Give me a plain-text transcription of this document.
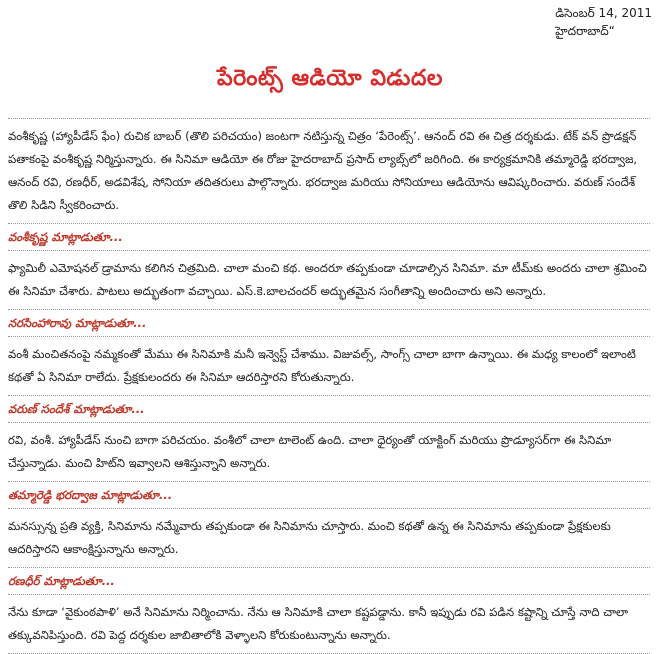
డిసెంబర్ 14, 2011
హైదరాబాద్“
పేరెంట్స్ ఆడియో విడుదల
వంశీకృష్ణ (హ్యాపీడేస్ ఫేం) రుచిక బాబర్ (తొలి పరిచయం) జంటగా నటిస్తున్న చిత్రం ‘పేరెంట్స్’. ఆనంద్ రవి ఈ చిత్ర దర్శకుడు. టేక్ వన్ ప్రొడక్షన్ పతాకంపై వంశీకృష్ణ నిర్మిస్తున్నారు. ఈ సినిమా ఆడియో ఈ రోజు హైదరాబాద్ ప్రసాద్ ల్యాబ్స్‌లో జరిగింది. ఈ కార్యక్రమానికి తమ్మారెడ్డి భరద్వాజ, ఆనంద్ రవి, రణధీర్, అడవిశేష, సోనియా తదితరులు పాల్గొన్నారు. భరద్వాజ మరియు సోనియాలు ఆడియోను ఆవిష్కరించారు. వరుణ్ సందేశ్ తొలి సిడిని స్వీకరించారు.
వంశీకృష్ణ మాట్లాడుతూ...
ఫ్యామిలీ ఎమోషనల్ డ్రామాను కలిగిన చిత్రమిది. చాలా మంచి కథ. అందరూ తప్పకుండా చూడాల్సిన సినిమా. మా టీమ్‌కు అందరు చాలా శ్రమించి ఈ సినిమా చేశారు. పాటలు అద్భుతంగా వచ్చాయి. ఎస్.కె.బాలచందర్ అద్భుతమైన సంగీతాన్ని అందించారు అని అన్నారు.
నరసింహారావు మాట్లాడుతూ...
వంశీ మంచితనంపై నమ్మకంతో మేము ఈ సినిమాకి మనీ ఇన్వెస్ట్ చేశాము. విజువల్స్, సాంగ్స్ చాలా బాగా ఉన్నాయి. ఈ మధ్య కాలంలో ఇలాంటి కథతో ఏ సినిమా రాలేదు. ప్రేక్షకులందరు ఈ సినిమా ఆదరిస్తారని కోరుతున్నారు.
వరుణ్ సందేశ్ మాట్లాడుతూ...
రవి, వంశీ. హ్యాపీడేస్ నుంచి బాగా పరిచయం. వంశీలో చాలా టాలెంట్ ఉంది. చాలా ధైర్యంతో యాక్టింగ్ మరియు ప్రొడ్యూసర్‌గా ఈ సినిమా చేస్తున్నాడు. మంచి హిట్‌ని ఇవ్వాలని ఆశిస్తున్నాని అన్నారు.
తమ్మారెడ్డి భరద్వాజ మాట్లాడుతూ...
మనస్సున్న ప్రతి వ్యక్తి, సినిమాను నమ్మేవారు తప్పకుండా ఈ సినిమాను చూస్తారు. మంచి కథతో ఉన్న ఈ సినిమాను తప్పకుండా ప్రేక్షకులకు ఆదరిస్తారని ఆకాంక్షిస్తున్నాను అన్నారు.
రణధీర్ మాట్లాడుతూ...
నేను కూడా ‘వైకుంఠపాళి’ అనే సినిమాను నిర్మించాను. నేను ఆ సినిమాకి చాలా కష్టపడ్డాను. కానీ ఇప్పుడు రవి పడిన కష్టాన్ని చూస్తే నాది చాలా తక్కువనిపిస్తుంది. రవి పెద్ద దర్శకుల జాబితాలోకి వెళ్ళాలని కోరుకుంటున్నాను అన్నారు.
